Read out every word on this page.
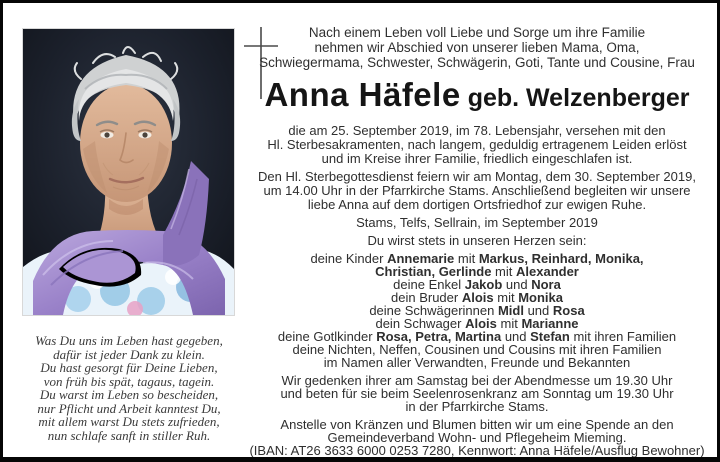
Nach einem Leben voll Liebe und Sorge um ihre Familie
nehmen wir Abschied von unserer lieben Mama, Oma,
Schwiegermama, Schwester, Schwägerin, Goti, Tante und Cousine, Frau
Anna Häfele geb. Welzenberger
die am 25. September 2019, im 78. Lebensjahr, versehen mit den
Hl. Sterbesakramenten, nach langem, geduldig ertragenem Leiden erlöst
und im Kreise ihrer Familie, friedlich eingeschlafen ist.
Den Hl. Sterbegottesdienst feiern wir am Montag, dem 30. September 2019,
um 14.00 Uhr in der Pfarrkirche Stams. Anschließend begleiten wir unsere
liebe Anna auf dem dortigen Ortsfriedhof zur ewigen Ruhe.
Stams, Telfs, Sellrain, im September 2019
Du wirst stets in unseren Herzen sein:
deine Kinder Annemarie mit Markus, Reinhard, Monika,
Christian, Gerlinde mit Alexander
deine Enkel Jakob und Nora
dein Bruder Alois mit Monika
deine Schwägerinnen Midl und Rosa
dein Schwager Alois mit Marianne
deine Gotlkinder Rosa, Petra, Martina und Stefan mit ihren Familien
deine Nichten, Neffen, Cousinen und Cousins mit ihren Familien
im Namen aller Verwandten, Freunde und Bekannten
Wir gedenken ihrer am Samstag bei der Abendmesse um 19.30 Uhr
und beten für sie beim Seelenrosenkranz am Sonntag um 19.30 Uhr
in der Pfarrkirche Stams.
Anstelle von Kränzen und Blumen bitten wir um eine Spende an den
Gemeindeverband Wohn- und Pflegeheim Mieming.
(IBAN: AT26 3633 6000 0253 7280, Kennwort: Anna Häfele/Ausflug Bewohner)
Was Du uns im Leben hast gegeben,
dafür ist jeder Dank zu klein.
Du hast gesorgt für Deine Lieben,
von früh bis spät, tagaus, tagein.
Du warst im Leben so bescheiden,
nur Pflicht und Arbeit kanntest Du,
mit allem warst Du stets zufrieden,
nun schlafe sanft in stiller Ruh.
